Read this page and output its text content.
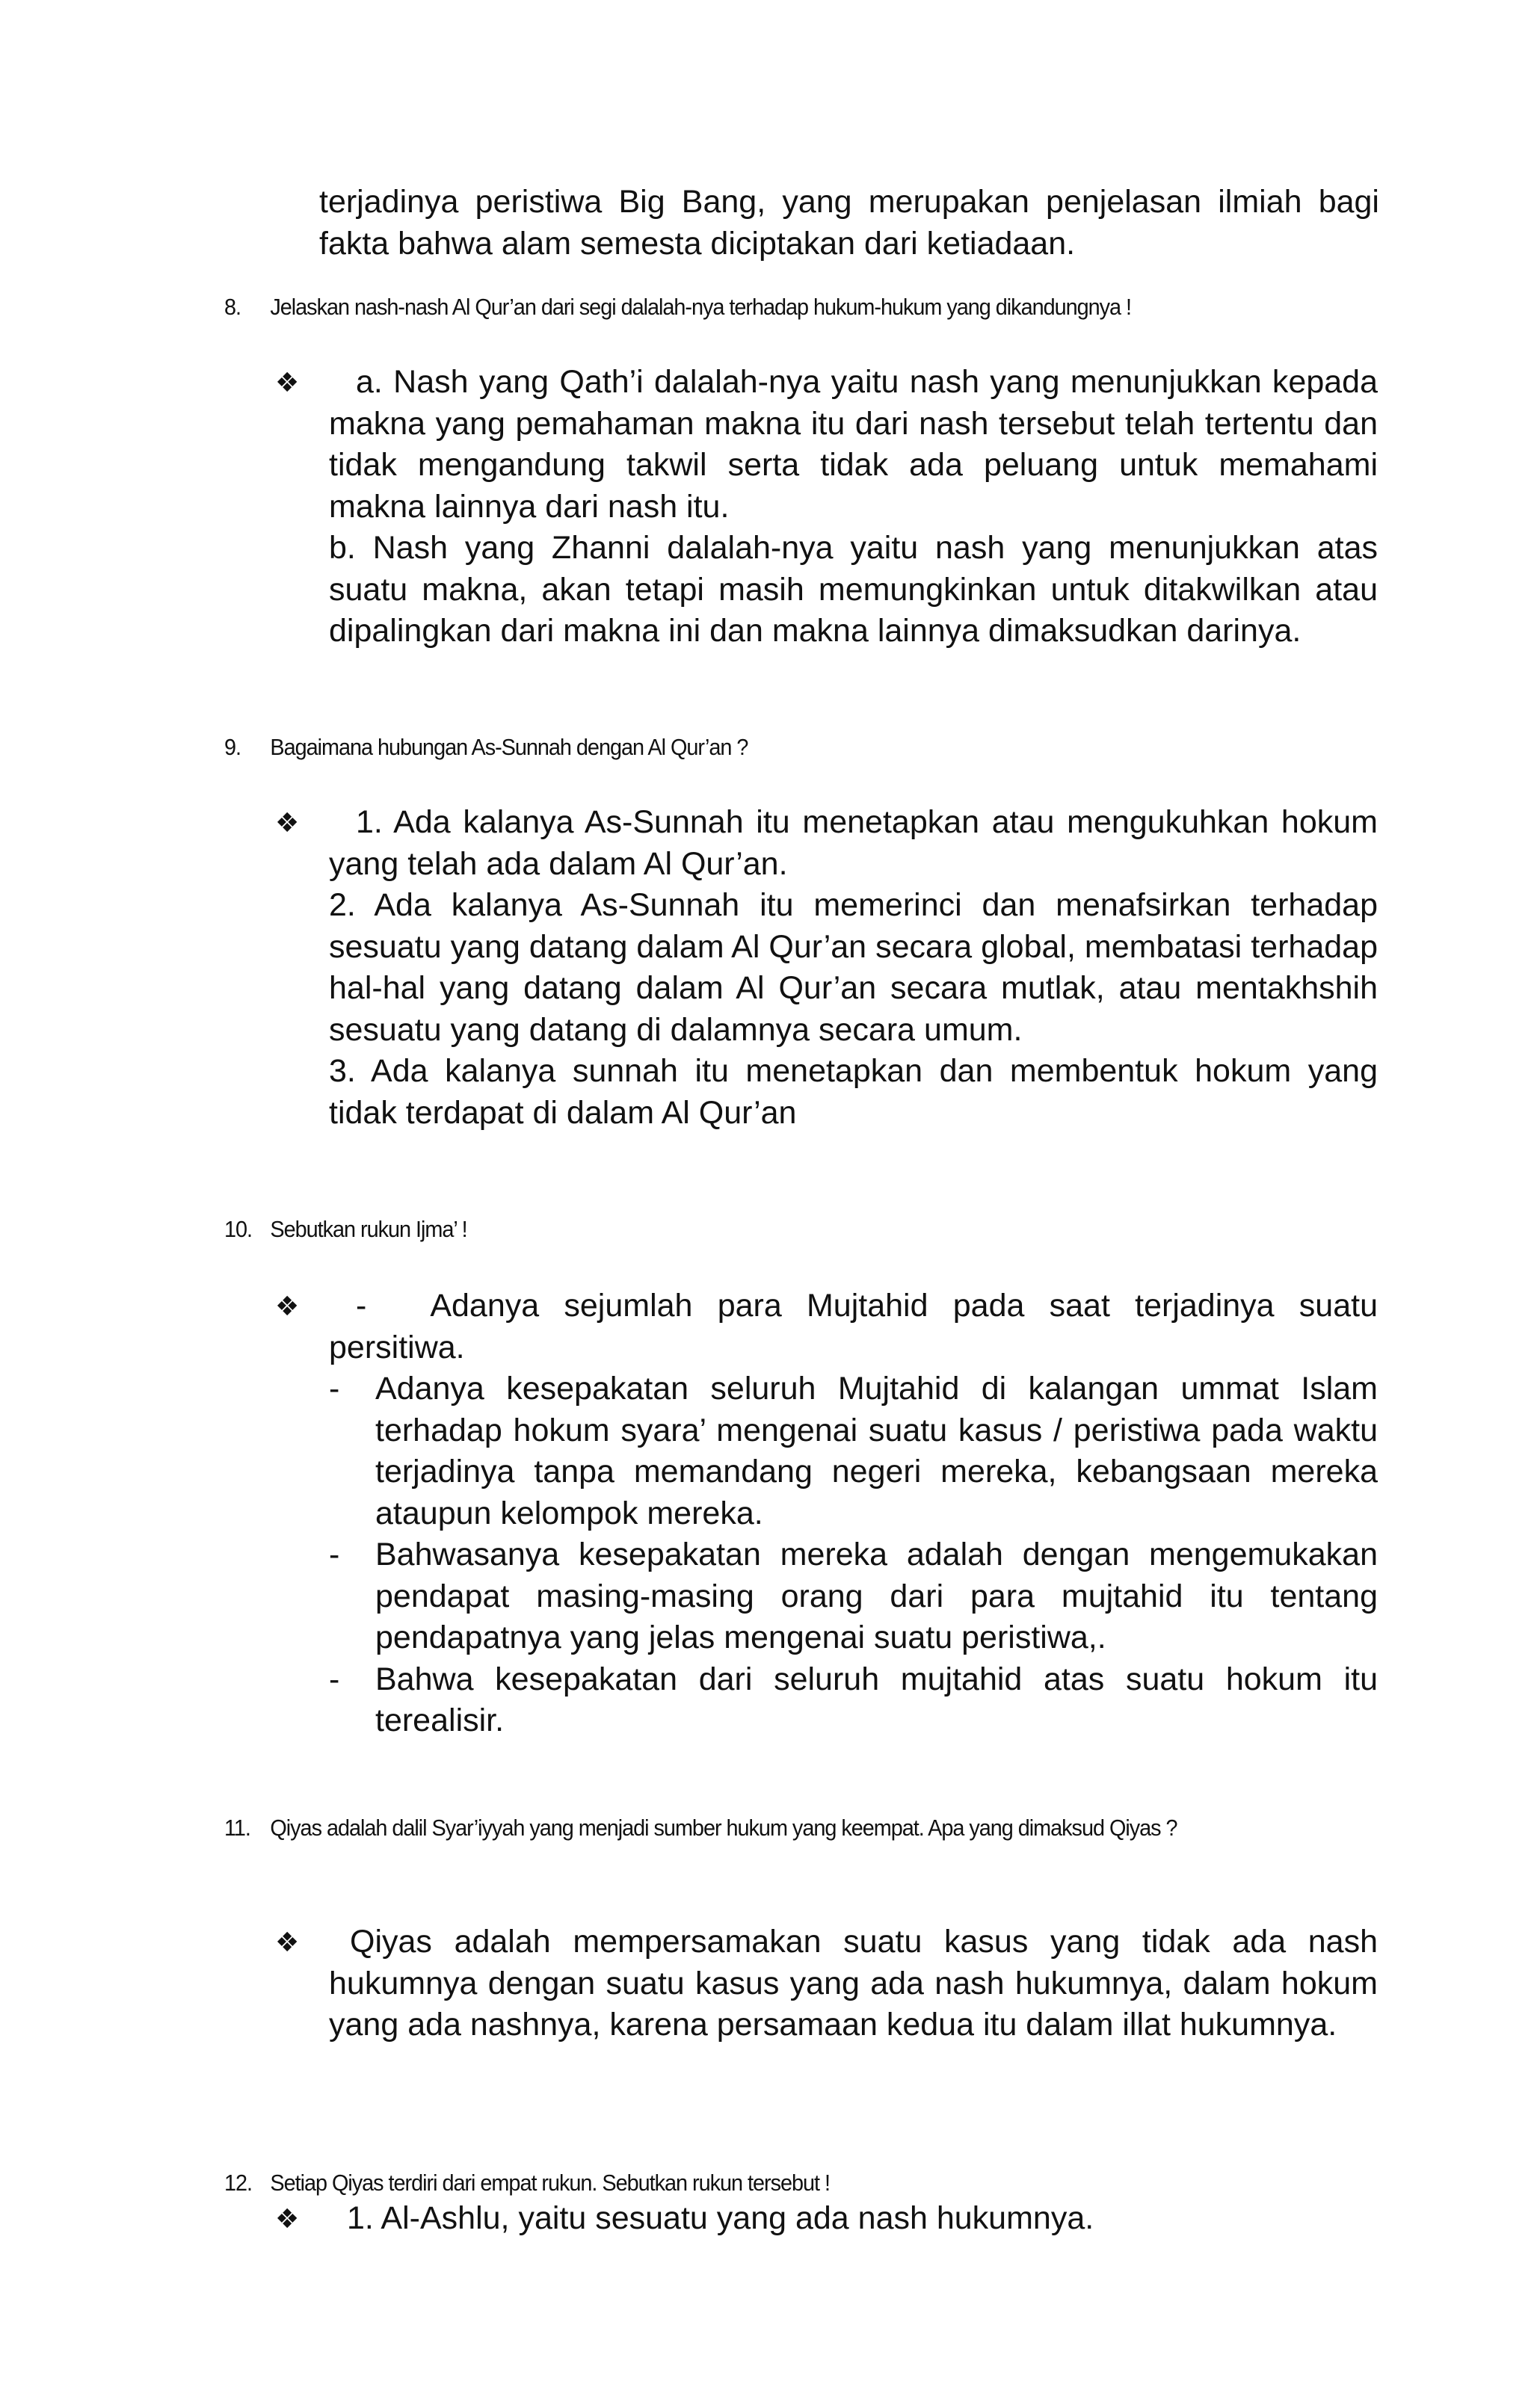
terjadinya peristiwa Big Bang, yang merupakan penjelasan ilmiah bagi fakta bahwa alam semesta diciptakan dari ketiadaan.

8. Jelaskan nash-nash Al Qur’an dari segi dalalah-nya terhadap hukum-hukum yang dikandungnya !
❖	a. Nash yang Qath’i dalalah-nya yaitu nash yang menunjukkan kepada makna yang pemahaman makna itu dari nash tersebut telah tertentu dan tidak mengandung takwil serta tidak ada peluang untuk memahami makna lainnya dari nash itu.

b. Nash yang Zhanni dalalah-nya yaitu nash yang menunjukkan atas suatu makna, akan tetapi masih memungkinkan untuk ditakwilkan atau dipalingkan dari makna ini dan makna lainnya dimaksudkan darinya.

9. Bagaimana hubungan As-Sunnah dengan Al Qur’an ?
❖	1. Ada kalanya As-Sunnah itu menetapkan atau mengukuhkan hokum yang telah ada dalam Al Qur’an.

2. Ada kalanya As-Sunnah itu memerinci dan menafsirkan terhadap sesuatu yang datang dalam Al Qur’an secara global, membatasi terhadap hal-hal yang datang dalam Al Qur’an secara mutlak, atau mentakhshih sesuatu yang datang di dalamnya secara umum.

3. Ada kalanya sunnah itu menetapkan dan membentuk hokum yang tidak terdapat di dalam Al Qur’an

10. Sebutkan rukun Ijma’ !
❖	- Adanya sejumlah para Mujtahid pada saat terjadinya suatu persitiwa.

- Adanya kesepakatan seluruh Mujtahid di kalangan ummat Islam terhadap hokum syara’ mengenai suatu kasus / peristiwa pada waktu terjadinya tanpa memandang negeri mereka, kebangsaan mereka ataupun kelompok mereka.
- Bahwasanya kesepakatan mereka adalah dengan mengemukakan pendapat masing-masing orang dari para mujtahid itu tentang pendapatnya yang jelas mengenai suatu peristiwa,.
- Bahwa kesepakatan dari seluruh mujtahid atas suatu hokum itu terealisir.
11. Qiyas adalah dalil Syar’iyyah yang menjadi sumber hukum yang keempat. Apa yang dimaksud Qiyas ?
❖	Qiyas adalah mempersamakan suatu kasus yang tidak ada nash hukumnya dengan suatu kasus yang ada nash hukumnya, dalam hokum yang ada nashnya, karena persamaan kedua itu dalam illat hukumnya.

12. Setiap Qiyas terdiri dari empat rukun. Sebutkan rukun tersebut !
❖	1. Al-Ashlu, yaitu sesuatu yang ada nash hukumnya.
